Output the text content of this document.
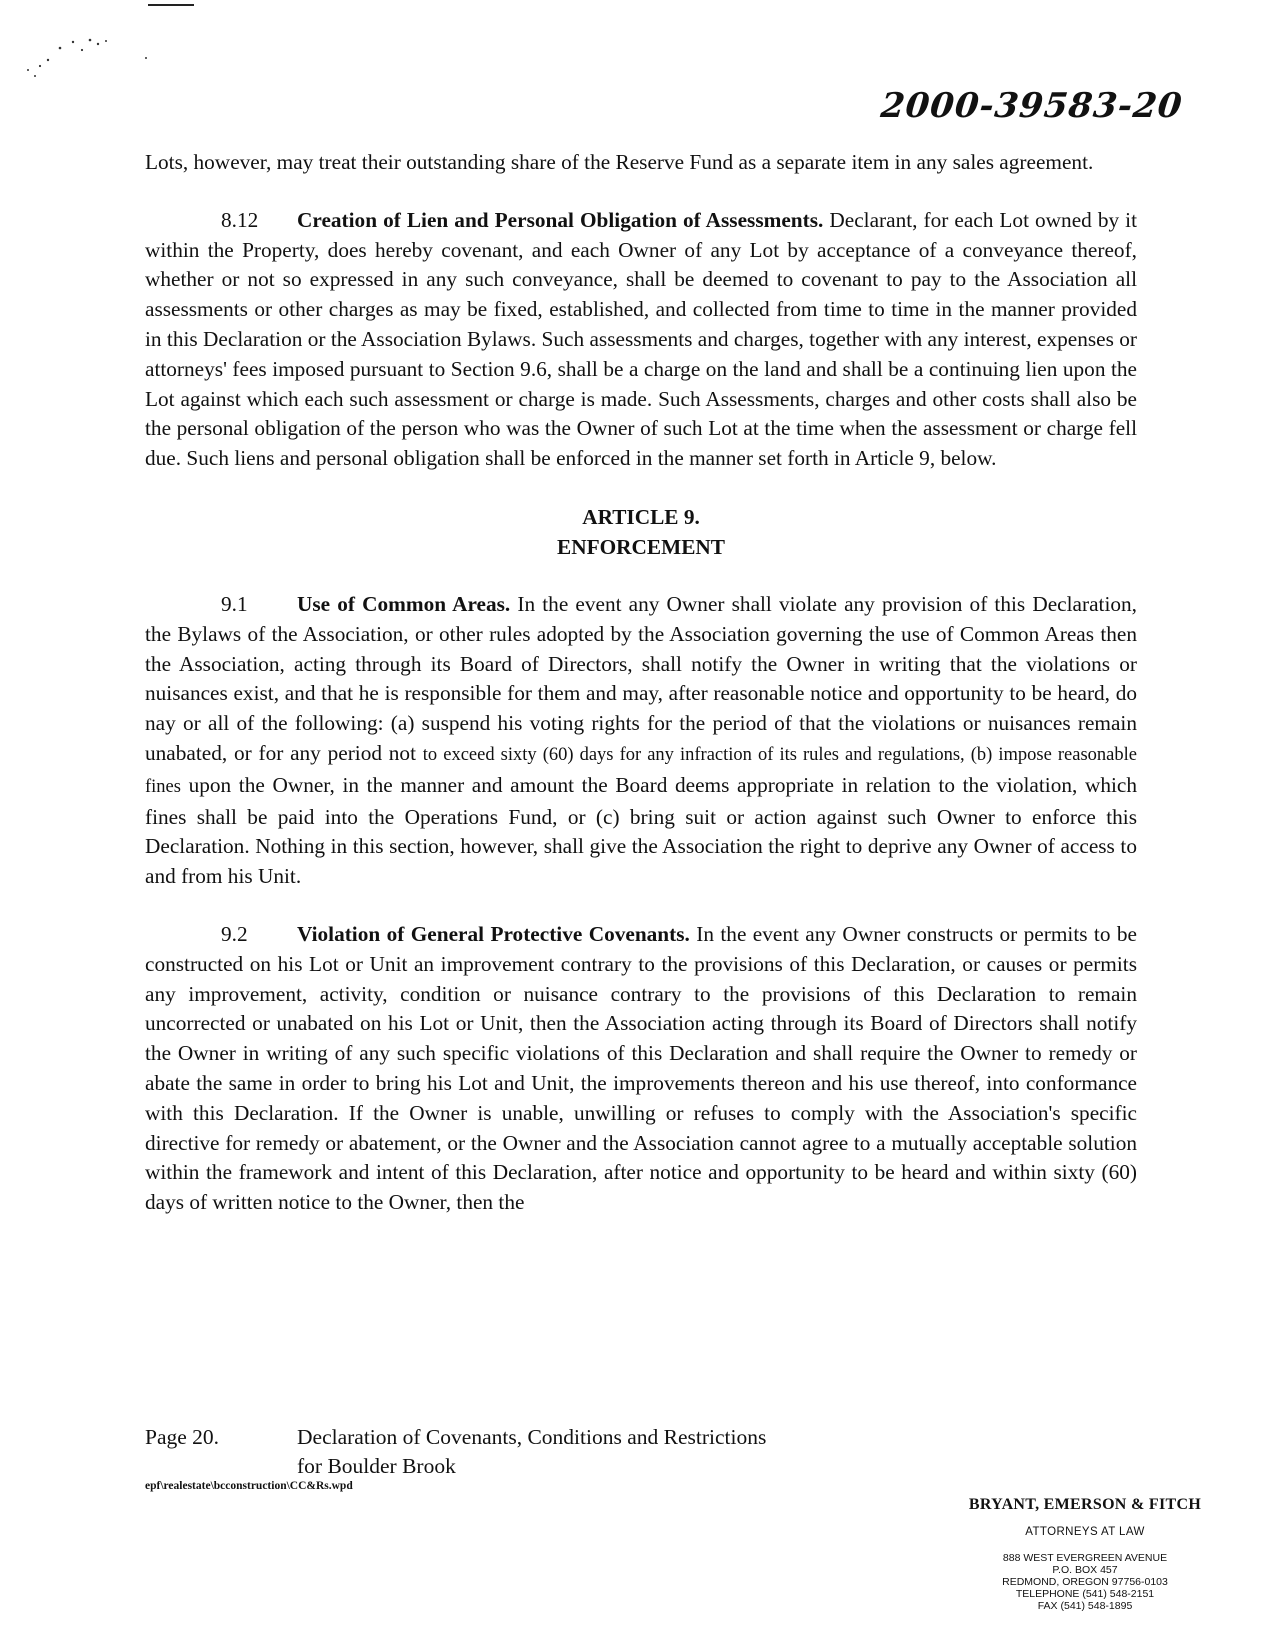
2000-39583-20

Lots, however, may treat their outstanding share of the Reserve Fund as a separate item in any sales agreement.

8.12 Creation of Lien and Personal Obligation of Assessments. Declarant, for each Lot owned by it within the Property, does hereby covenant, and each Owner of any Lot by acceptance of a conveyance thereof, whether or not so expressed in any such conveyance, shall be deemed to covenant to pay to the Association all assessments or other charges as may be fixed, established, and collected from time to time in the manner provided in this Declaration or the Association Bylaws. Such assessments and charges, together with any interest, expenses or attorneys' fees imposed pursuant to Section 9.6, shall be a charge on the land and shall be a continuing lien upon the Lot against which each such assessment or charge is made. Such Assessments, charges and other costs shall also be the personal obligation of the person who was the Owner of such Lot at the time when the assessment or charge fell due. Such liens and personal obligation shall be enforced in the manner set forth in Article 9, below.

ARTICLE 9.
ENFORCEMENT

9.1 Use of Common Areas. In the event any Owner shall violate any provision of this Declaration, the Bylaws of the Association, or other rules adopted by the Association governing the use of Common Areas then the Association, acting through its Board of Directors, shall notify the Owner in writing that the violations or nuisances exist, and that he is responsible for them and may, after reasonable notice and opportunity to be heard, do nay or all of the following: (a) suspend his voting rights for the period of that the violations or nuisances remain unabated, or for any period not to exceed sixty (60) days for any infraction of its rules and regulations, (b) impose reasonable fines upon the Owner, in the manner and amount the Board deems appropriate in relation to the violation, which fines shall be paid into the Operations Fund, or (c) bring suit or action against such Owner to enforce this Declaration. Nothing in this section, however, shall give the Association the right to deprive any Owner of access to and from his Unit.

9.2 Violation of General Protective Covenants. In the event any Owner constructs or permits to be constructed on his Lot or Unit an improvement contrary to the provisions of this Declaration, or causes or permits any improvement, activity, condition or nuisance contrary to the provisions of this Declaration to remain uncorrected or unabated on his Lot or Unit, then the Association acting through its Board of Directors shall notify the Owner in writing of any such specific violations of this Declaration and shall require the Owner to remedy or abate the same in order to bring his Lot and Unit, the improvements thereon and his use thereof, into conformance with this Declaration. If the Owner is unable, unwilling or refuses to comply with the Association's specific directive for remedy or abatement, or the Owner and the Association cannot agree to a mutually acceptable solution within the framework and intent of this Declaration, after notice and opportunity to be heard and within sixty (60) days of written notice to the Owner, then the

Page 20.	Declaration of Covenants, Conditions and Restrictions
for Boulder Brook
epf\realestate\bcconstruction\CC&Rs.wpd
BRYANT, EMERSON & FITCH
ATTORNEYS AT LAW
888 WEST EVERGREEN AVENUE
P.O. BOX 457
REDMOND, OREGON 97756-0103
TELEPHONE (541) 548-2151
FAX (541) 548-1895
